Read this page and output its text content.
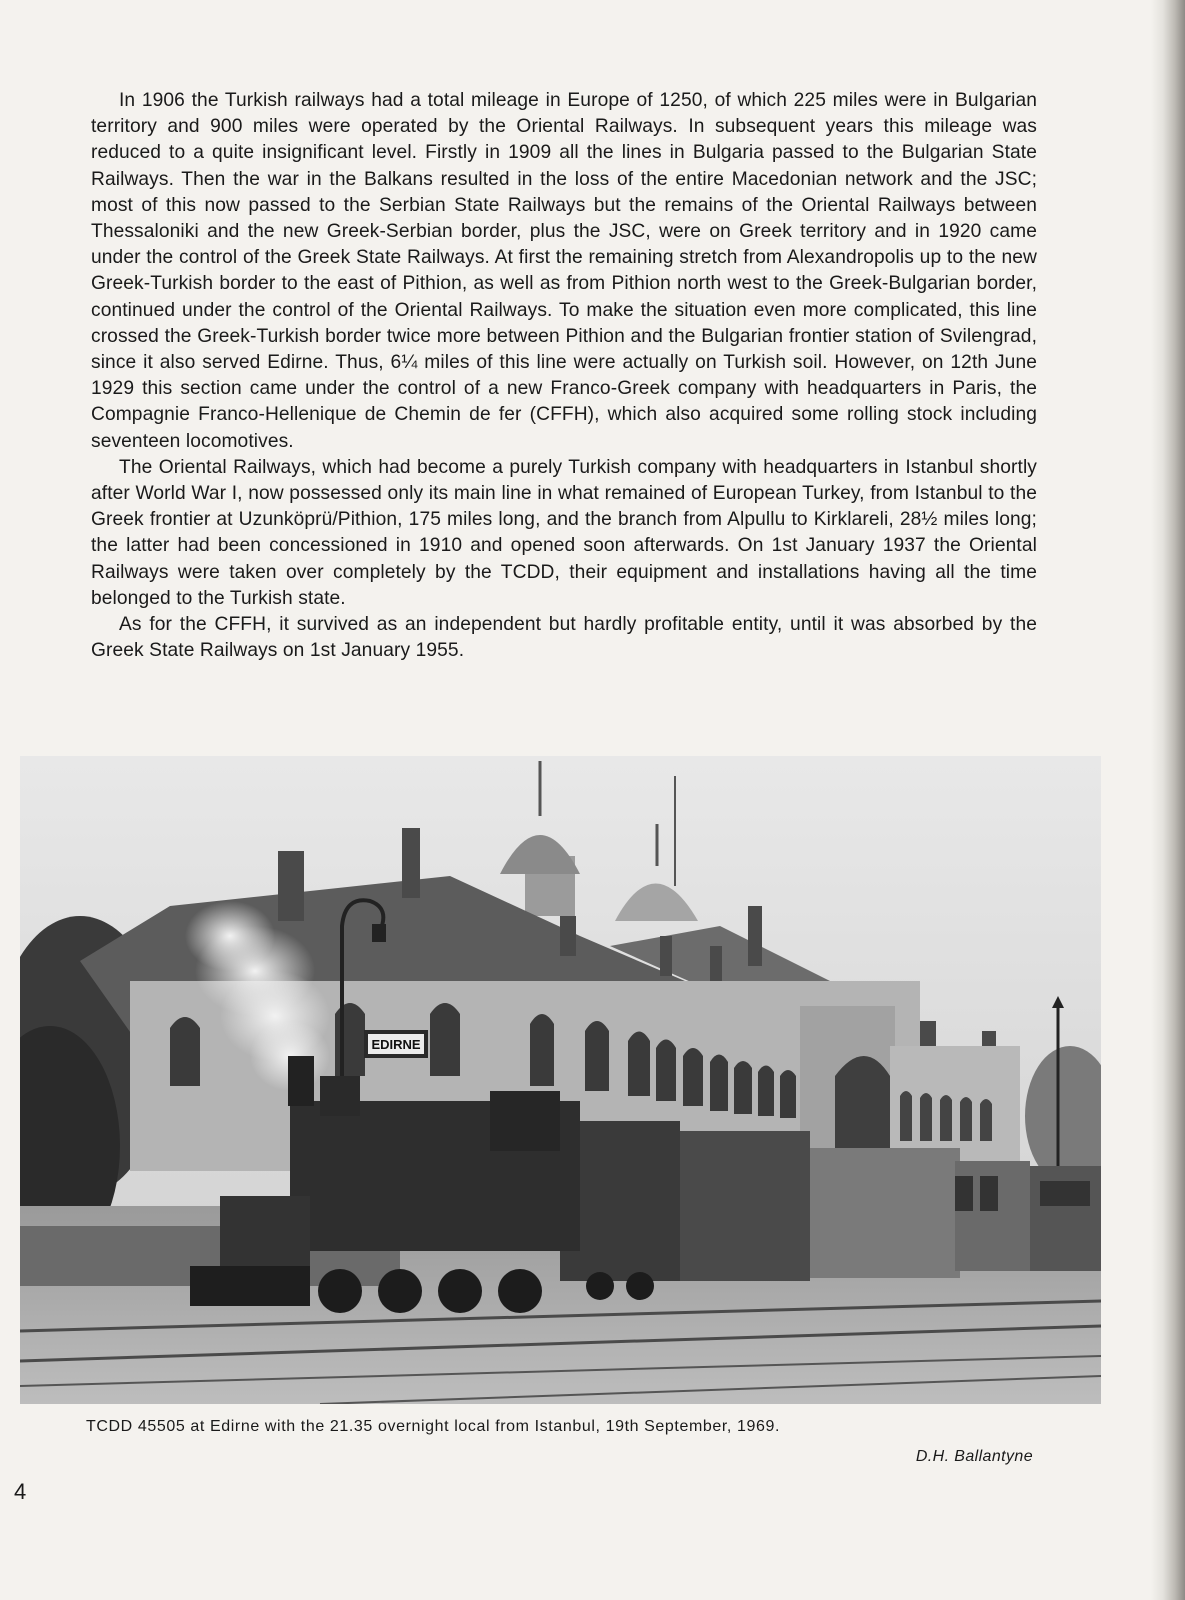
In 1906 the Turkish railways had a total mileage in Europe of 1250, of which 225 miles were in Bulgarian territory and 900 miles were operated by the Oriental Railways. In subsequent years this mileage was reduced to a quite insignificant level. Firstly in 1909 all the lines in Bulgaria passed to the Bulgarian State Railways. Then the war in the Balkans resulted in the loss of the entire Macedonian network and the JSC; most of this now passed to the Serbian State Railways but the remains of the Oriental Railways between Thessaloniki and the new Greek-Serbian border, plus the JSC, were on Greek territory and in 1920 came under the control of the Greek State Railways. At first the remaining stretch from Alexandropolis up to the new Greek-Turkish border to the east of Pithion, as well as from Pithion north west to the Greek-Bulgarian border, continued under the control of the Oriental Railways. To make the situation even more complicated, this line crossed the Greek-Turkish border twice more between Pithion and the Bulgarian frontier station of Svilengrad, since it also served Edirne. Thus, 6¼ miles of this line were actually on Turkish soil. However, on 12th June 1929 this section came under the control of a new Franco-Greek company with headquarters in Paris, the Compagnie Franco-Hellenique de Chemin de fer (CFFH), which also acquired some rolling stock including seventeen locomotives.

The Oriental Railways, which had become a purely Turkish company with headquarters in Istanbul shortly after World War I, now possessed only its main line in what remained of European Turkey, from Istanbul to the Greek frontier at Uzunköprü/Pithion, 175 miles long, and the branch from Alpullu to Kirklareli, 28½ miles long; the latter had been concessioned in 1910 and opened soon afterwards. On 1st January 1937 the Oriental Railways were taken over completely by the TCDD, their equipment and installations having all the time belonged to the Turkish state.

As for the CFFH, it survived as an independent but hardly profitable entity, until it was absorbed by the Greek State Railways on 1st January 1955.

EDIRNE
TCDD 45505 at Edirne with the 21.35 overnight local from Istanbul, 19th September, 1969.
D.H. Ballantyne
4
